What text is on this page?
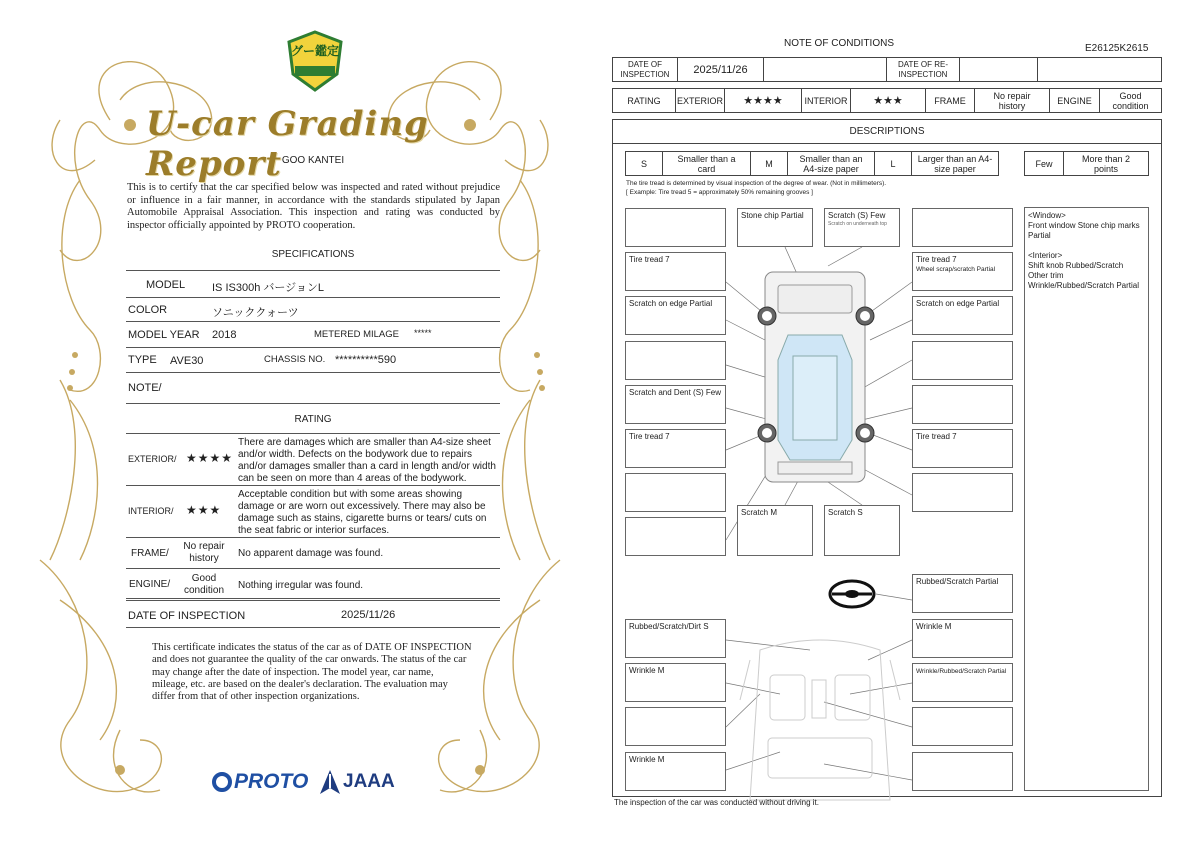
グー鑑定
U-car Grading Report GOO KANTEI
This is to certify that the car specified below was inspected and rated without prejudice or influence in a fair manner, in accordance with the standards stipulated by Japan Automobile Appraisal Association. This inspection and rating was conducted by inspector officially appointed by PROTO cooperation.
SPECIFICATIONS
MODEL IS IS300h バージョンL
COLOR	ソニッククォーツ
MODEL YEAR 2018	METERED MILAGE *****
TYPE AVE30	CHASSIS NO. **********590
NOTE/
RATING
EXTERIOR/ ★★★★
There are damages which are smaller than A4-size sheet and/or width. Defects on the bodywork due to repairs and/or damages smaller than a card in length and/or width can be seen on more than 4 areas of the bodywork.
INTERIOR/ ★★★
Acceptable condition but with some areas showing damage or are worn out excessively. There may also be damage such as stains, cigarette burns or tears/ cuts on the seat fabric or interior surfaces.
FRAME/
No repair history	No apparent damage was found.
ENGINE/
Good condition	Nothing irregular was found.
DATE OF INSPECTION	2025/11/26
This certificate indicates the status of the car as of DATE OF INSPECTION and does not guarantee the quality of the car onwards. The status of the car may change after the date of inspection. The model year, car name, mileage, etc. are based on the dealer's declaration. The evaluation may differ from that of other inspection organizations.
PROTO JAAA
NOTE OF CONDITIONS	E26125K2615
DATE OF INSPECTION	2025/11/26	DATE OF RE-INSPECTION
RATING	EXTERIOR	★★★★	INTERIOR	★★★	FRAME	No repair history	ENGINE	Good condition
DESCRIPTIONS
S	Smaller than a card	M	Smaller than an A4-size paper	L	Larger than an A4-size paper	Few	More than 2 points
The tire tread is determined by visual inspection of the degree of wear. (Not in millimeters).
[ Example: Tire tread 5 = approximately 50% remaining grooves ]
Tire tread 7
Scratch on edge Partial
Scratch and Dent (S) Few
Tire tread 7
Stone chip Partial	Scratch (S) Few
Scratch on underneath top
Tire tread 7
Wheel scrap/scratch Partial
Scratch on edge Partial
Tire tread 7
Scratch M	Scratch S
Rubbed/Scratch Partial
Rubbed/Scratch/Dirt S	Wrinkle M
Wrinkle M	Wrinkle/Rubbed/Scratch Partial
Wrinkle M
<Window>
Front window Stone chip marks Partial
<Interior>
Shift knob Rubbed/Scratch Other trim Wrinkle/Rubbed/Scratch Partial
The inspection of the car was conducted without driving it.
